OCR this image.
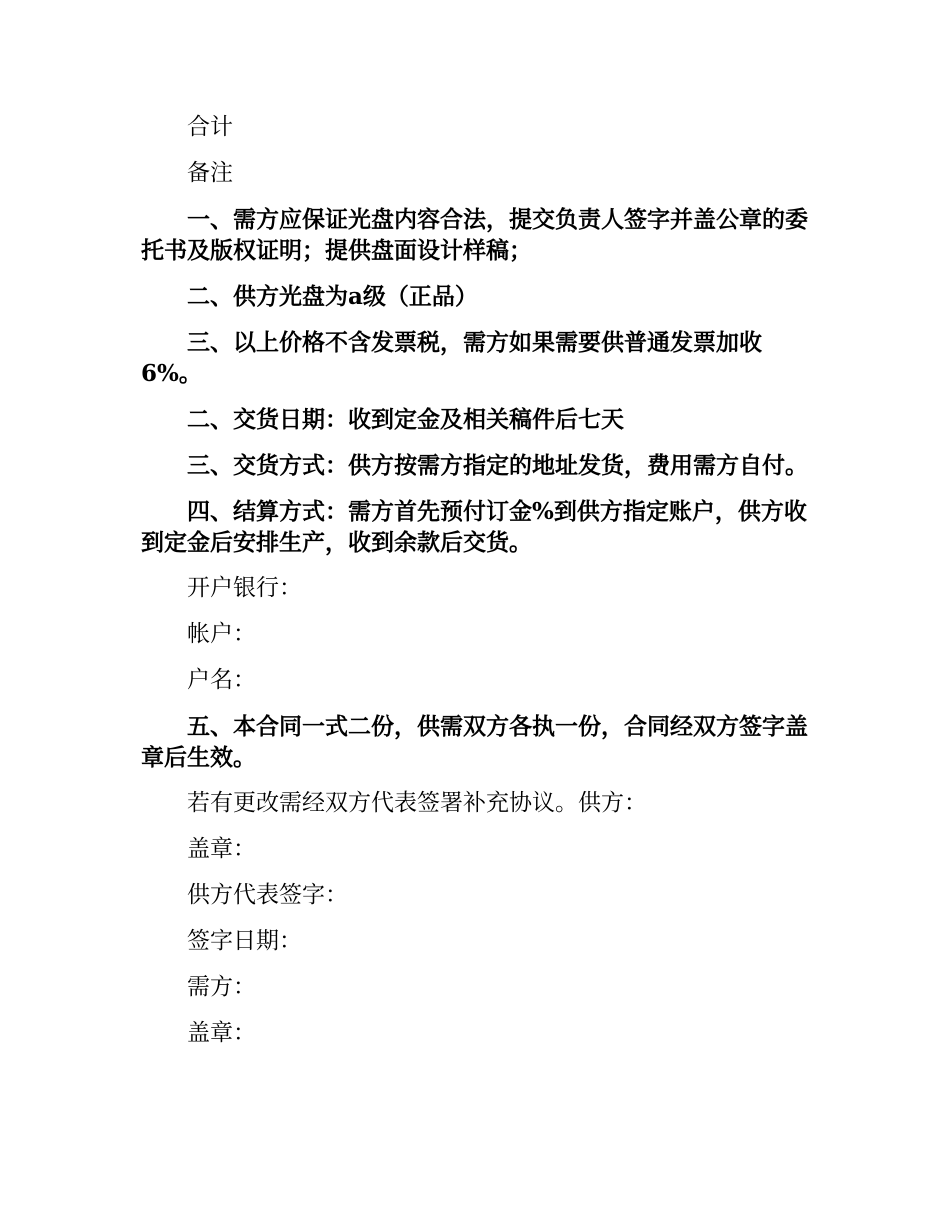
合计

备注

一、需方应保证光盘内容合法，提交负责人签字并盖公章的委托书及版权证明；提供盘面设计样稿；

二、供方光盘为a级（正品）

三、以上价格不含发票税，需方如果需要供普通发票加收6%。

二、交货日期：收到定金及相关稿件后七天

三、交货方式：供方按需方指定的地址发货，费用需方自付。

四、结算方式：需方首先预付订金%到供方指定账户，供方收到定金后安排生产，收到余款后交货。

开户银行：

帐户：

户名：

五、本合同一式二份，供需双方各执一份，合同经双方签字盖章后生效。

若有更改需经双方代表签署补充协议。供方：

盖章：

供方代表签字：

签字日期：

需方：

盖章：
